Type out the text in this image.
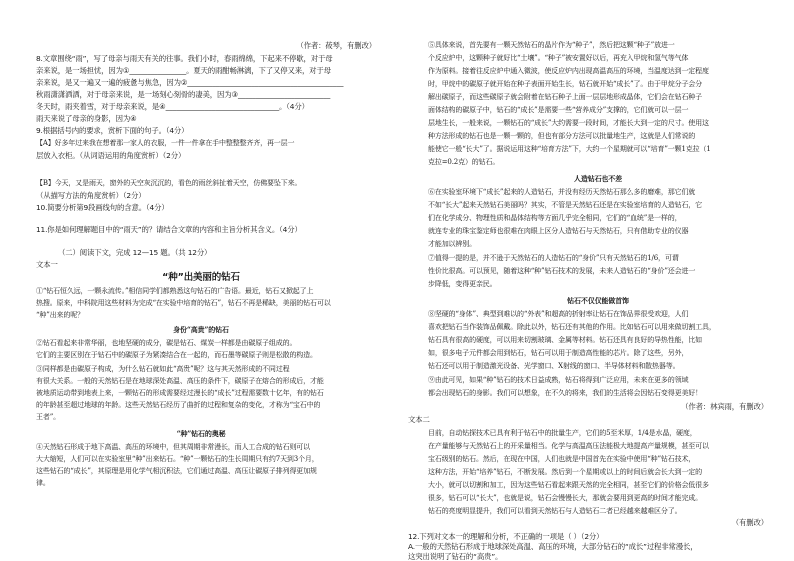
（作者：莜琴，有删改）
8.文章围绕“雨”，写了母亲与雨天有关的往事。我们小时，春雨绵绵，下起来不停歇，对于母
亲来说，是一场担忧，因为①________________。夏天的雨酣畅淋漓，下了又停又来，对于母
亲来说，是又一遍又一遍的疲惫与焦急，因为②____________________________________________
秋雨潇潇洒洒，对于母亲来说，是一场刻心刻骨的凄美，因为③__________________________
冬天时，雨夹着雪，对于母亲来说，是④________________________________。（4分）
雨天来说了母亲的身影，因为④
9.根据括号内的要求，赏析下面的句子。（4分）
【A】好多年过来我在想着那一家人的衣服，一件一件拿在手中整整整齐齐，再一层一
层放入衣柜。（从词语运用的角度赏析）（2分）
【B】今天，又是雨天，窗外的天空灰沉沉的，看色的雨丝斜扯着天空，仿佛要坠下来。
（从描写方法的角度赏析）（2分）
10.简要分析第9段画线句的含意。（4分）
11.你是如何理解题目中的“雨天”的？请结合文章的内容和主旨分析其含义。（4分）
（二）阅读下文，完成 12—15 题。（共 12分）
文本一
“种”出美丽的钻石
①“钻石恒久远，一颗永流传。”相信同学们都熟悉这句钻石的广告语。最近，钻石又掀起了上
热搜。原来，中科院用这些材料为完成“在实验中培育的钻石”，钻石不再是稀缺，美丽的钻石可以
“种”出来的呢？
身份“高贵”的钻石
②钻石看起来非常华丽，也地坚硬的成分，碳是钻石、煤炭一样都是由碳原子组成的。
它们的主要区别在于钻石中的碳原子为紧凑结合在一起的，而石墨等碳原子则是松散的构造。
③同样都是由碳原子构成，为什么钻石就如此“高贵”呢？这与其天然形成的不同过程
有很大关系。一般的天然钻石是在地球深处高温、高压的条件下，碳原子在熔合的形成后，才能
被地质运动带到地表上来，一颗钻石的形成需要经过漫长的“成长”过程需要数十亿年，有的钻石
的年龄甚至超过地球的年龄。这些天然钻石经历了曲折的过程和复杂的变化，才称为“宝石中的
王者”。
“种”钻石的奥秘
④天然钻石形成于地下高温、高压的环境中，但其周期非常漫长，而人工合成的钻石则可以
大大缩短，人们可以在实验室里“种”出来钻石。“种”一颗钻石的生长周期只有约7天到3个月，
这些钻石的“成长”，其原理是用化学气相沉积法，它们通过高温、高压让碳原子排列得更加规
律。
⑤具体来说，首先要有一颗天然钻石的晶片作为“种子”，然后把这颗“种子”放进一
个反应炉中，这颗种子就好比“土壤”。“种子”被安置好以后，再充入甲烷和氢气等气体
作为原料。接着往反应炉中通入微波，使反应炉内出现高温高压的环境，当温度达到一定程度
时，甲烷中的碳原子就开始在种子表面开始生长，钻石就开始“成长”了。由于甲烷分子会分
解出碳原子，而这些碳原子就会附着在钻石种子上面一层层地形成晶体，它们会在钻石种子
面体结构的碳原子中，钻石的“成长”是需要一些“营养成分”支撑的，它们就可以一层一
层地生长，一般来说，一颗钻石的“成长”大约需要一段时间，才能长大到一定的尺寸。使用这
种方法形成的钻石也是一颗一颗的，但也有部分方法可以批量地生产，这就是人们常说的
能使它一般“长大”了。据说运用这种“培育方法”下，大约一个星期就可以“培育”一颗1克拉（1
克拉=0.2克）的钻石。
人造钻石也不差
⑥在实验室环境下“成长”起来的人造钻石，并没有经历天然钻石那么多的磨难，那它们就
不如“长大”起来天然钻石美丽吗？其实，不管是天然钻石还是在实验室培育的人造钻石，它
们在化学成分、物理性质和晶体结构等方面几乎完全相同，它们的“血统”是一样的，
就连专业的珠宝鉴定师也很难在肉眼上区分人造钻石与天然钻石，只有借助专业的仪器
才能加以辨别。
⑦值得一提的是，并不逊于天然钻石的人造钻石的“身价”只有天然钻石的1/6，可谓
性价比很高。可以预见，随着这种“种”钻石技术的发展，未来人造钻石的“身价”还会进一
步降低，变得更亲民。
钻石不仅仅能做首饰
⑧坚硬的“身体”、典型到难以的“外表”和超高的折射率让钻石在饰品界很受欢迎，人们
喜欢把钻石当作装饰品佩戴。除此以外，钻石还有其他的作用。比如钻石可以用来做切割工具，
钻石具有很高的硬度，可以用来切割玻璃、金属等材料。钻石还具有良好的导热性能，比如
如，很多电子元件都会用到钻石，钻石可以用于制造高性能的芯片。除了这些，另外，
钻石还可以用于制造激光设备、光学窗口、X射线的窗口、半导体材料和散热器等。
⑨由此可见，如果“种”钻石的技术日益成熟，钻石将得到广泛应用，未来在更多的领域
都会出现钻石的身影。我们可以想象，在不久的将来，我们的生活将会因钻石变得更美好！
（作者：林宾雨，有删改）
文本二
目前，自动钻探技术已具有利于钻石中的批量生产，它们的5至米厚，1/4是水晶，硬度，
在产量能够与天然钻石上的开采量相当。化学与高温高压法能极大地提高产量规模，甚至可以
宝石级别的钻石。然后，在现在中国，人们也就是中国首先在实验中使用“种”钻石技术，
这种方法，开始“培养”钻石，不断发展。然后到一个星期或以上的时间后就会长大到一定的
大小，就可以切割和加工，因为这些钻石看起来跟天然的完全相同，甚至它们的价格会低很多
很多，钻石可以“长大”，也就是说，钻石会慢慢长大，那就会要用到更高的时间才能完成。
钻石的亮度明显提升，我们可以看到天然钻石与人造钻石二者已经越来越难区分了。
（有删改）
12.下列对文本一的理解和分析，不正确的一项是（ ）（2分）
A.一般的天然钻石形成于地球深处高温、高压的环境，大部分钻石的“成长”过程非常漫长，
这突出说明了钻石的“高贵”。
